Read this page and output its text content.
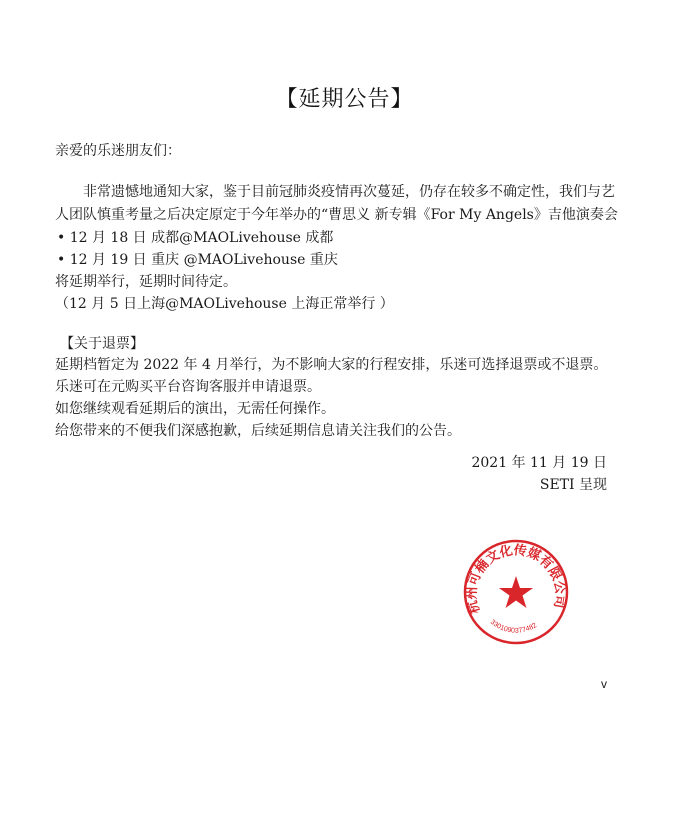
【延期公告】
亲爱的乐迷朋友们：
非常遗憾地通知大家，鉴于目前冠肺炎疫情再次蔓延，仍存在较多不确定性，我们与艺
人团队慎重考量之后决定原定于今年举办的“曹思义 新专辑《For My Angels》吉他演奏会
• 12 月 18 日 成都@MAOLivehouse 成都
• 12 月 19 日 重庆 @MAOLivehouse 重庆
将延期举行，延期时间待定。
（12 月 5 日上海@MAOLivehouse 上海正常举行 ）
【关于退票】
延期档暂定为 2022 年 4 月举行，为不影响大家的行程安排，乐迷可选择退票或不退票。
乐迷可在元购买平台咨询客服并申请退票。
如您继续观看延期后的演出，无需任何操作。
给您带来的不便我们深感抱歉，后续延期信息请关注我们的公告。
2021 年 11 月 19 日
SETI 呈现
杭州可楠文化传媒有限公司
3301090377482
v
